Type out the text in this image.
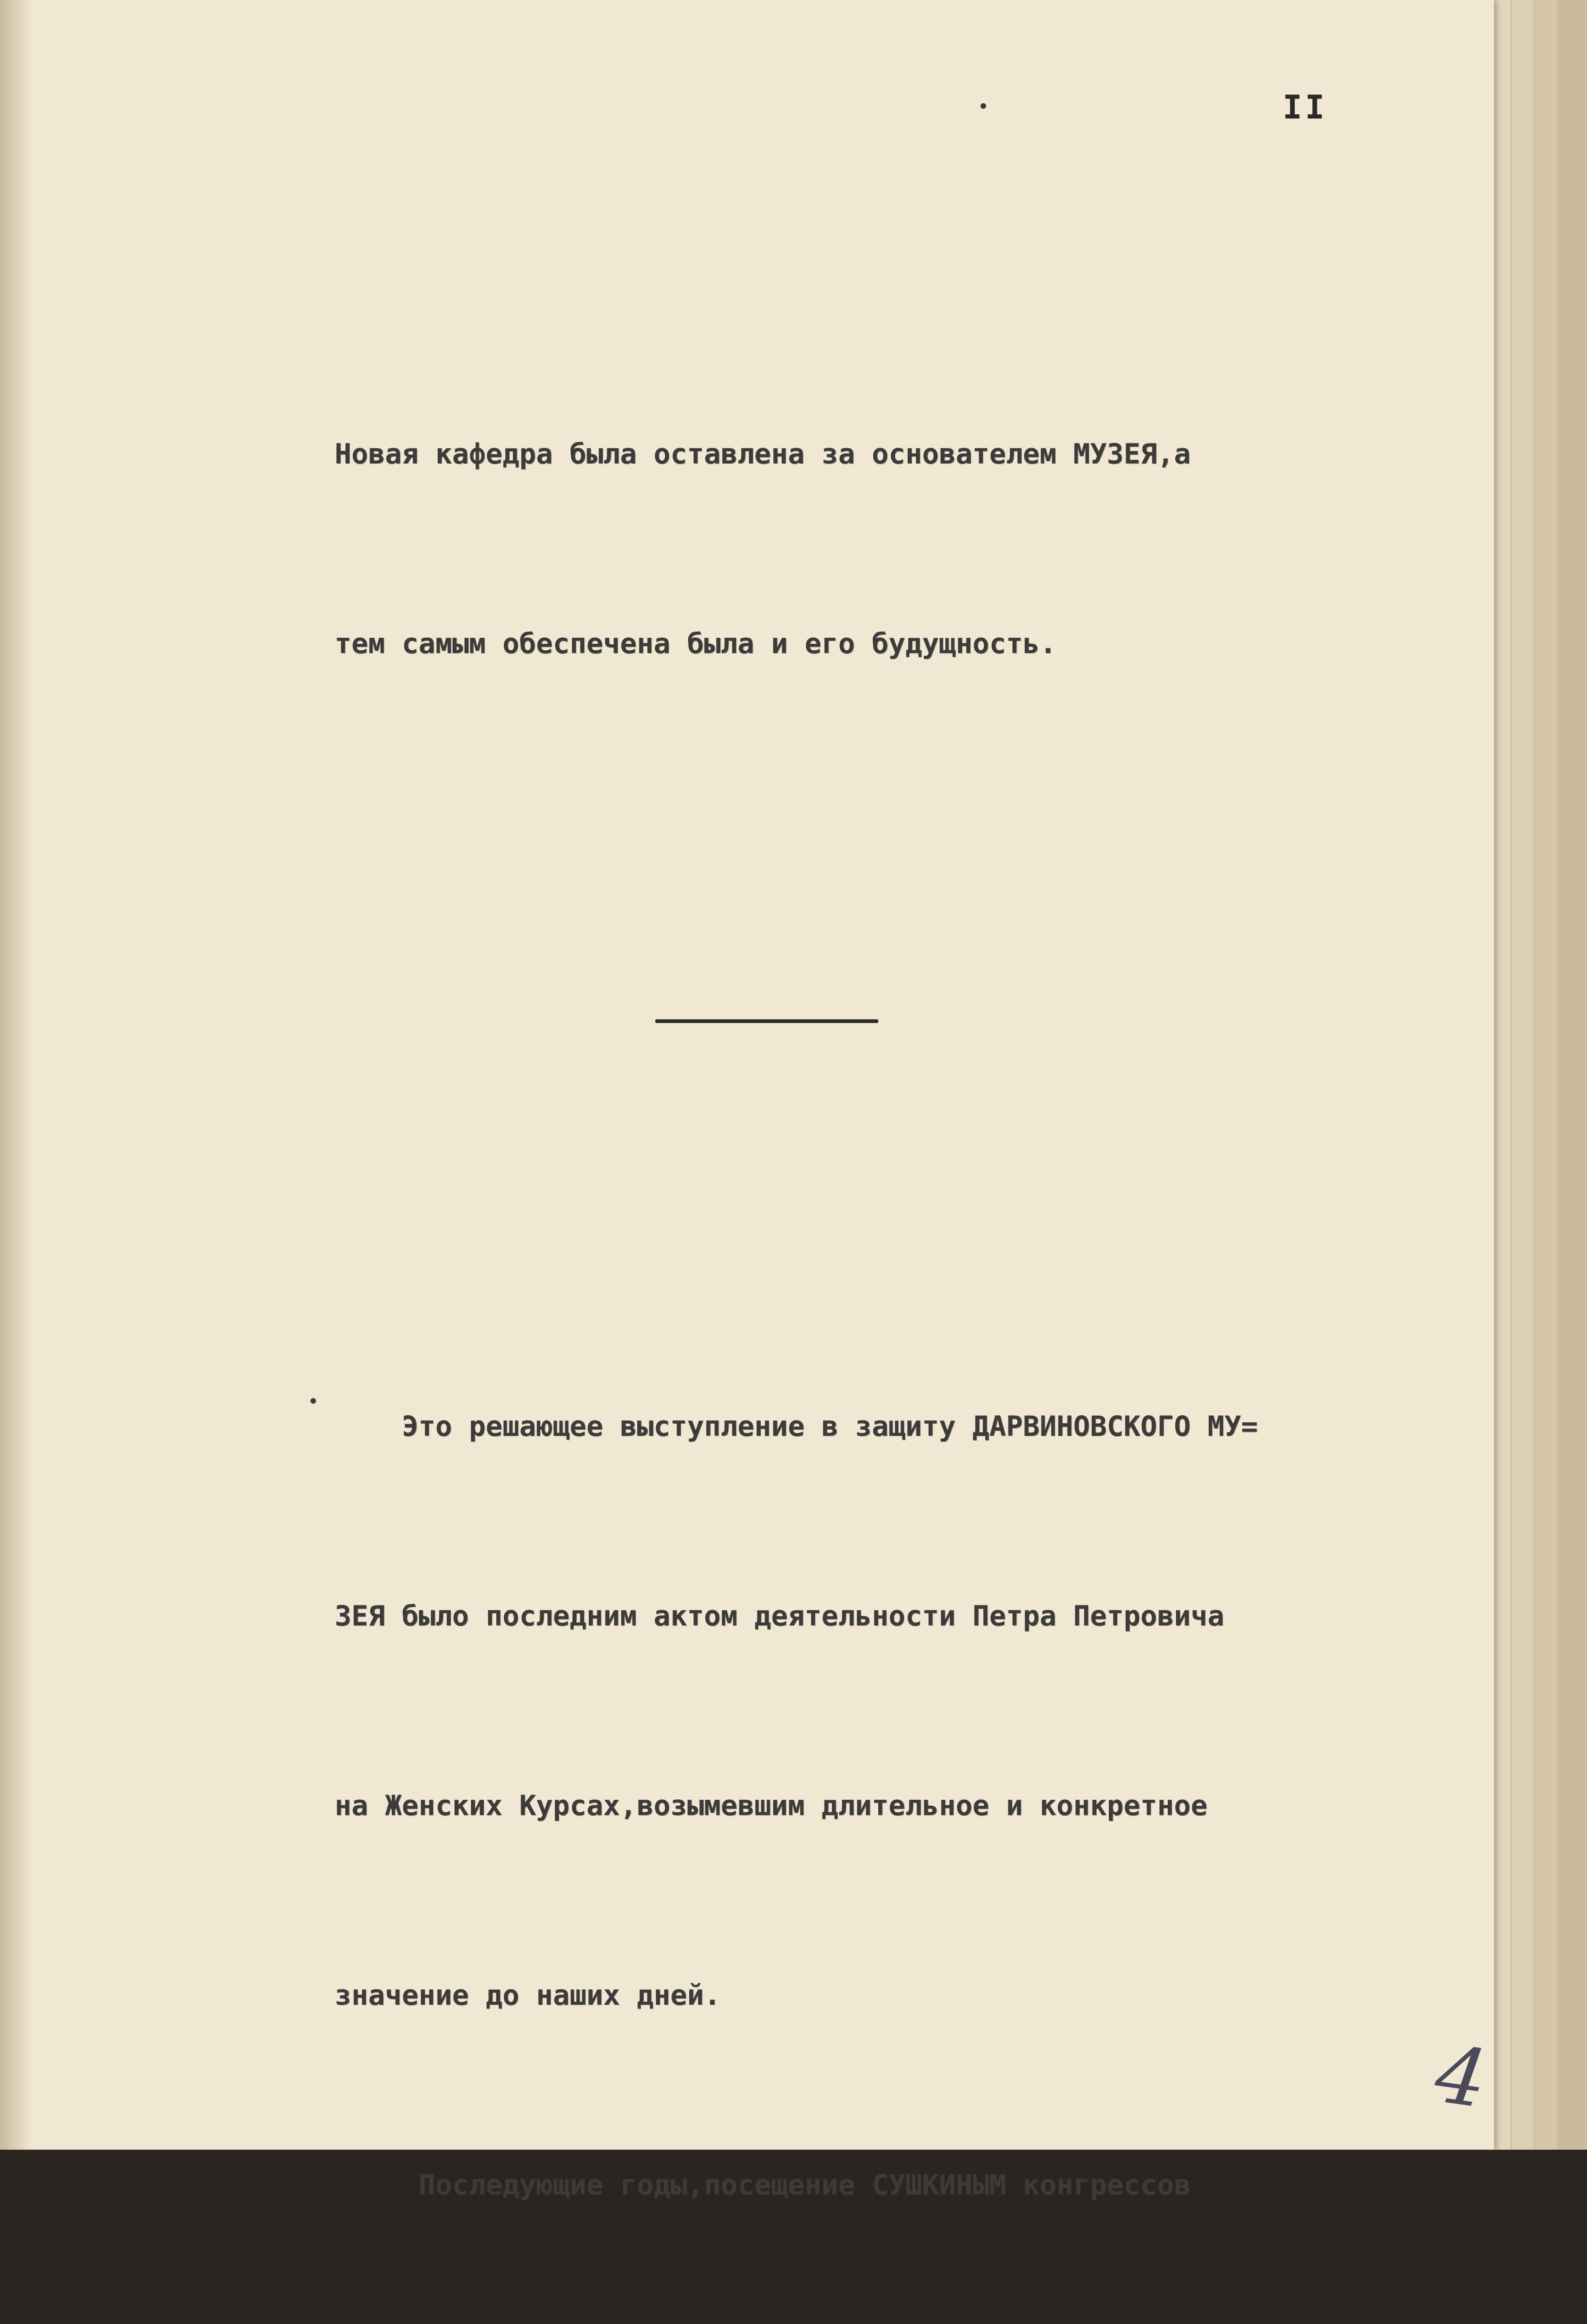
II

Новая кафедра была оставлена за основателем МУЗЕЯ,а

тем самым обеспечена была и его будущность.

Это решающее выступление в защиту ДАРВИНОВСКОГО МУ=

ЗЕЯ было последним актом деятельности Петра Петровича

на Женских Курсах,возымевшим длительное и конкретное

значение до наших дней.

Последующие годы,посещение СУШКИНЫМ конгрессов

4
